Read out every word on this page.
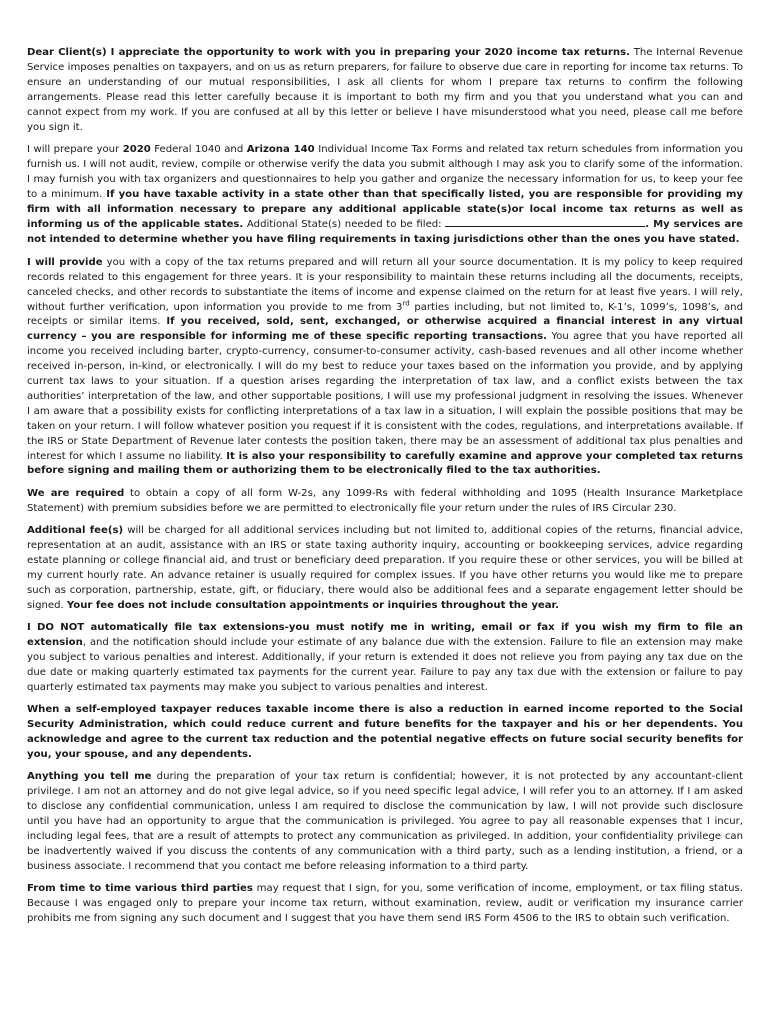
Dear Client(s) I appreciate the opportunity to work with you in preparing your 2020 income tax returns. The Internal Revenue Service imposes penalties on taxpayers, and on us as return preparers, for failure to observe due care in reporting for income tax returns. To ensure an understanding of our mutual responsibilities, I ask all clients for whom I prepare tax returns to confirm the following arrangements. Please read this letter carefully because it is important to both my firm and you that you understand what you can and cannot expect from my work. If you are confused at all by this letter or believe I have misunderstood what you need, please call me before you sign it.

I will prepare your 2020 Federal 1040 and Arizona 140 Individual Income Tax Forms and related tax return schedules from information you furnish us. I will not audit, review, compile or otherwise verify the data you submit although I may ask you to clarify some of the information. I may furnish you with tax organizers and questionnaires to help you gather and organize the necessary information for us, to keep your fee to a minimum. If you have taxable activity in a state other than that specifically listed, you are responsible for providing my firm with all information necessary to prepare any additional applicable state(s)or local income tax returns as well as informing us of the applicable states. Additional State(s) needed to be filed:	. My services are not intended to determine whether you have filing requirements in taxing jurisdictions other than the ones you have stated.

I will provide you with a copy of the tax returns prepared and will return all your source documentation. It is my policy to keep required records related to this engagement for three years. It is your responsibility to maintain these returns including all the documents, receipts, canceled checks, and other records to substantiate the items of income and expense claimed on the return for at least five years. I will rely, without further verification, upon information you provide to me from 3rd parties including, but not limited to, K-1’s, 1099’s, 1098’s, and receipts or similar items. If you received, sold, sent, exchanged, or otherwise acquired a financial interest in any virtual currency – you are responsible for informing me of these specific reporting transactions. You agree that you have reported all income you received including barter, crypto-currency, consumer-to-consumer activity, cash-based revenues and all other income whether received in-person, in-kind, or electronically. I will do my best to reduce your taxes based on the information you provide, and by applying current tax laws to your situation. If a question arises regarding the interpretation of tax law, and a conflict exists between the tax authorities’ interpretation of the law, and other supportable positions, I will use my professional judgment in resolving the issues. Whenever I am aware that a possibility exists for conflicting interpretations of a tax law in a situation, I will explain the possible positions that may be taken on your return. I will follow whatever position you request if it is consistent with the codes, regulations, and interpretations available. If the IRS or State Department of Revenue later contests the position taken, there may be an assessment of additional tax plus penalties and interest for which I assume no liability. It is also your responsibility to carefully examine and approve your completed tax returns before signing and mailing them or authorizing them to be electronically filed to the tax authorities.

We are required to obtain a copy of all form W-2s, any 1099-Rs with federal withholding and 1095 (Health Insurance Marketplace Statement) with premium subsidies before we are permitted to electronically file your return under the rules of IRS Circular 230.

Additional fee(s) will be charged for all additional services including but not limited to, additional copies of the returns, financial advice, representation at an audit, assistance with an IRS or state taxing authority inquiry, accounting or bookkeeping services, advice regarding estate planning or college financial aid, and trust or beneficiary deed preparation. If you require these or other services, you will be billed at my current hourly rate. An advance retainer is usually required for complex issues. If you have other returns you would like me to prepare such as corporation, partnership, estate, gift, or fiduciary, there would also be additional fees and a separate engagement letter should be signed. Your fee does not include consultation appointments or inquiries throughout the year.

I DO NOT automatically file tax extensions-you must notify me in writing, email or fax if you wish my firm to file an extension, and the notification should include your estimate of any balance due with the extension. Failure to file an extension may make you subject to various penalties and interest. Additionally, if your return is extended it does not relieve you from paying any tax due on the due date or making quarterly estimated tax payments for the current year. Failure to pay any tax due with the extension or failure to pay quarterly estimated tax payments may make you subject to various penalties and interest.

When a self-employed taxpayer reduces taxable income there is also a reduction in earned income reported to the Social Security Administration, which could reduce current and future benefits for the taxpayer and his or her dependents. You acknowledge and agree to the current tax reduction and the potential negative effects on future social security benefits for you, your spouse, and any dependents.

Anything you tell me during the preparation of your tax return is confidential; however, it is not protected by any accountant-client privilege. I am not an attorney and do not give legal advice, so if you need specific legal advice, I will refer you to an attorney. If I am asked to disclose any confidential communication, unless I am required to disclose the communication by law, I will not provide such disclosure until you have had an opportunity to argue that the communication is privileged. You agree to pay all reasonable expenses that I incur, including legal fees, that are a result of attempts to protect any communication as privileged. In addition, your confidentiality privilege can be inadvertently waived if you discuss the contents of any communication with a third party, such as a lending institution, a friend, or a business associate. I recommend that you contact me before releasing information to a third party.

From time to time various third parties may request that I sign, for you, some verification of income, employment, or tax filing status. Because I was engaged only to prepare your income tax return, without examination, review, audit or verification my insurance carrier prohibits me from signing any such document and I suggest that you have them send IRS Form 4506 to the IRS to obtain such verification.
